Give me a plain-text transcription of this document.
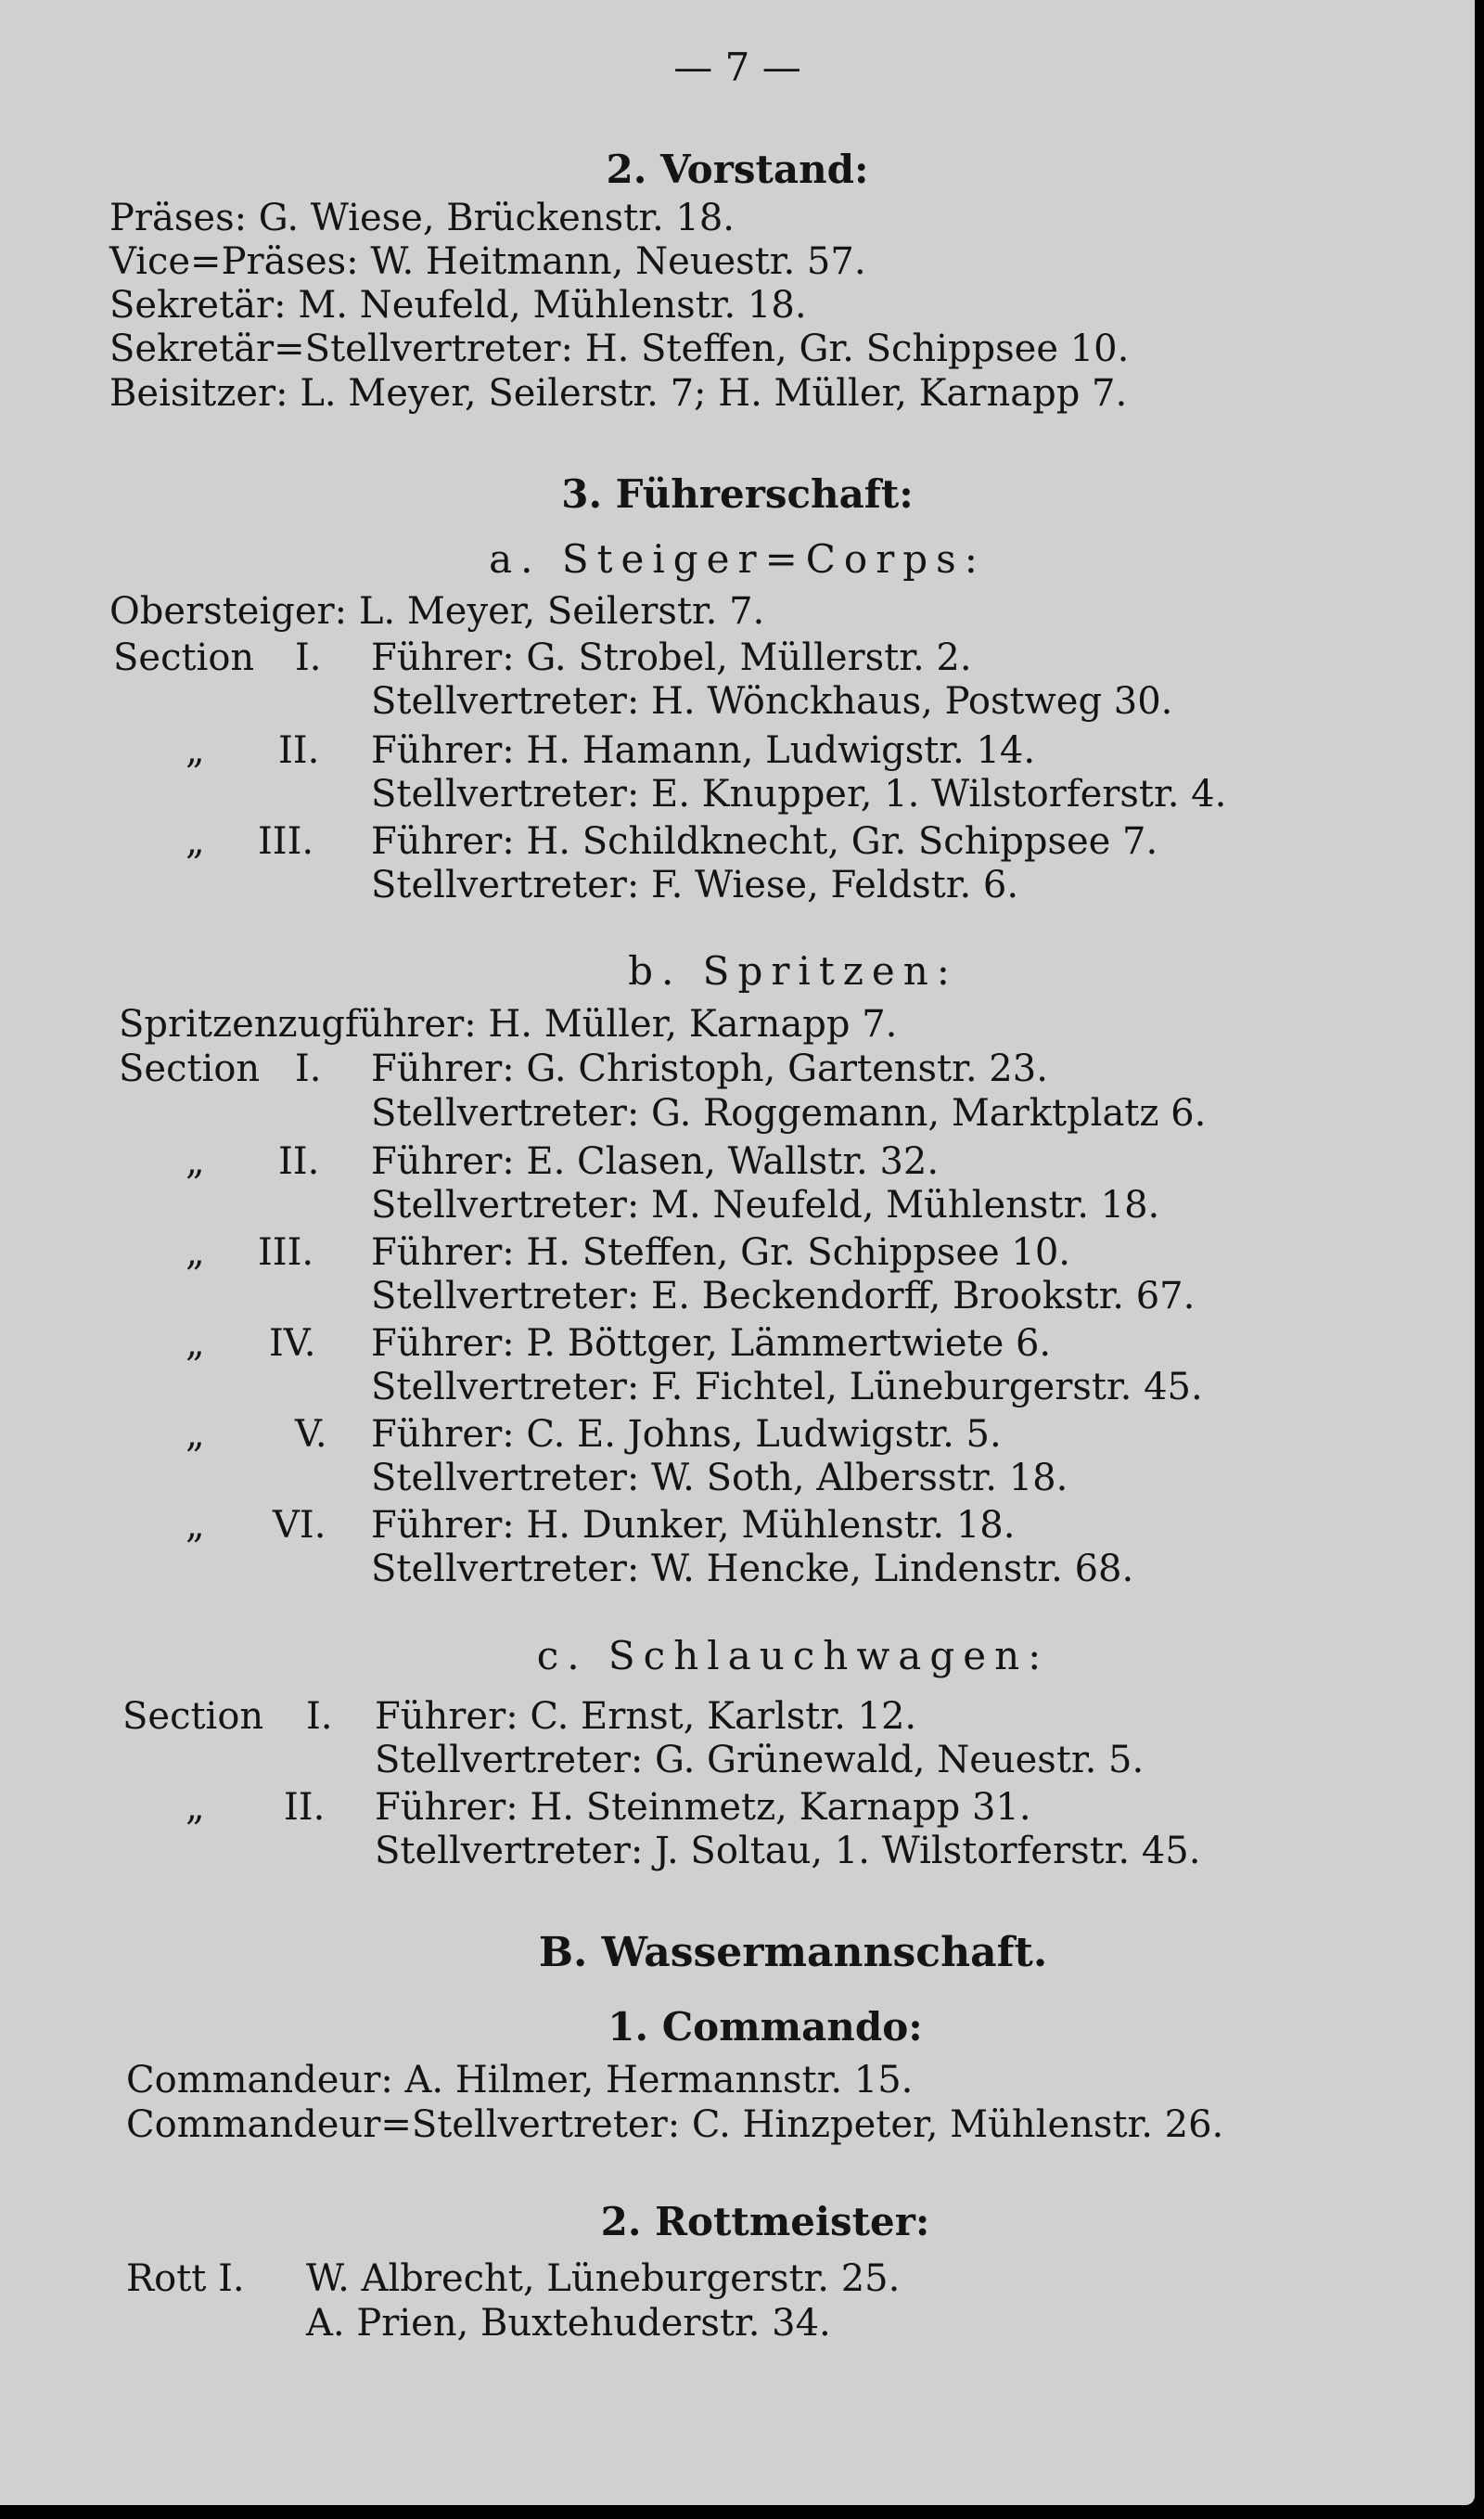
— 7 —
2. Vorstand:
Präses: G. Wiese, Brückenstr. 18.
Vice=Präses: W. Heitmann, Neuestr. 57.
Sekretär: M. Neufeld, Mühlenstr. 18.
Sekretär=Stellvertreter: H. Steffen, Gr. Schippsee 10.
Beisitzer: L. Meyer, Seilerstr. 7; H. Müller, Karnapp 7.
3. Führerschaft:
a. Steiger=Corps:
Obersteiger: L. Meyer, Seilerstr. 7.
Section I. Führer: G. Strobel, Müllerstr. 2.
Stellvertreter: H. Wönckhaus, Postweg 30.
„ II. Führer: H. Hamann, Ludwigstr. 14.
Stellvertreter: E. Knupper, 1. Wilstorferstr. 4.
„ III. Führer: H. Schildknecht, Gr. Schippsee 7.
Stellvertreter: F. Wiese, Feldstr. 6.
b. Spritzen:
Spritzenzugführer: H. Müller, Karnapp 7.
Section I. Führer: G. Christoph, Gartenstr. 23.
Stellvertreter: G. Roggemann, Marktplatz 6.
„ II. Führer: E. Clasen, Wallstr. 32.
Stellvertreter: M. Neufeld, Mühlenstr. 18.
„ III. Führer: H. Steffen, Gr. Schippsee 10.
Stellvertreter: E. Beckendorff, Brookstr. 67.
„ IV. Führer: P. Böttger, Lämmertwiete 6.
Stellvertreter: F. Fichtel, Lüneburgerstr. 45.
„ V. Führer: C. E. Johns, Ludwigstr. 5.
Stellvertreter: W. Soth, Albersstr. 18.
„ VI. Führer: H. Dunker, Mühlenstr. 18.
Stellvertreter: W. Hencke, Lindenstr. 68.
c. Schlauchwagen:
Section I. Führer: C. Ernst, Karlstr. 12.
Stellvertreter: G. Grünewald, Neuestr. 5.
„ II. Führer: H. Steinmetz, Karnapp 31.
Stellvertreter: J. Soltau, 1. Wilstorferstr. 45.
B. Wassermannschaft.
1. Commando:
Commandeur: A. Hilmer, Hermannstr. 15.
Commandeur=Stellvertreter: C. Hinzpeter, Mühlenstr. 26.
2. Rottmeister:
Rott I. W. Albrecht, Lüneburgerstr. 25.
A. Prien, Buxtehuderstr. 34.
